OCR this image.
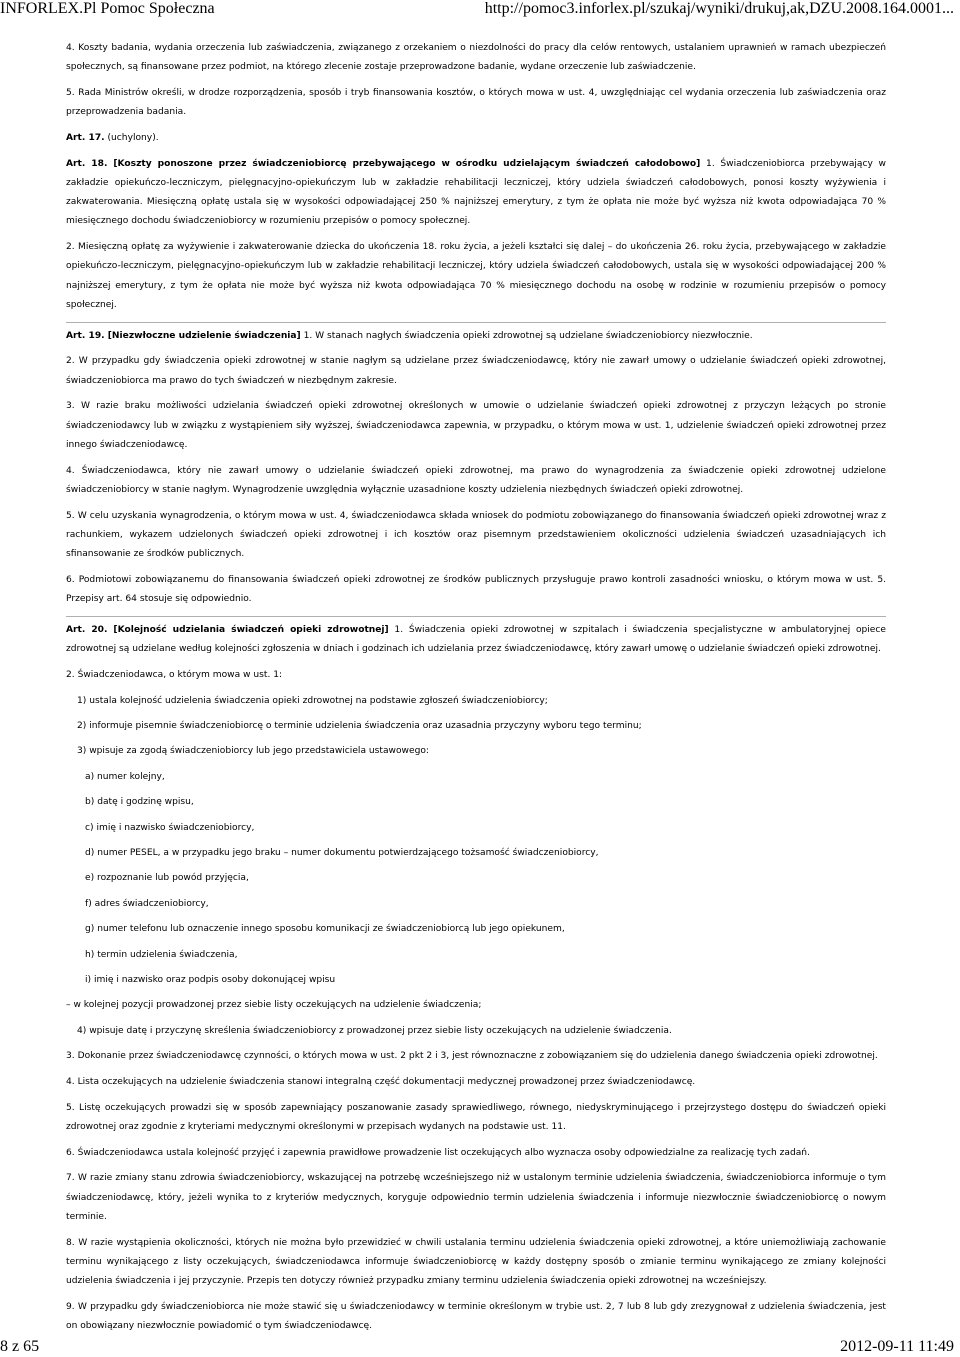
INFORLEX.Pl Pomoc Społeczna	http://pomoc3.inforlex.pl/szukaj/wyniki/drukuj,ak,DZU.2008.164.0001...

4. Koszty badania, wydania orzeczenia lub zaświadczenia, związanego z orzekaniem o niezdolności do pracy dla celów rentowych, ustalaniem uprawnień w ramach ubezpieczeń społecznych, są finansowane przez podmiot, na którego zlecenie zostaje przeprowadzone badanie, wydane orzeczenie lub zaświadczenie.

5. Rada Ministrów określi, w drodze rozporządzenia, sposób i tryb finansowania kosztów, o których mowa w ust. 4, uwzględniając cel wydania orzeczenia lub zaświadczenia oraz przeprowadzenia badania.

Art. 17. (uchylony).

Art. 18. [Koszty ponoszone przez świadczeniobiorcę przebywającego w ośrodku udzielającym świadczeń całodobowo] 1. Świadczeniobiorca przebywający w zakładzie opiekuńczo-leczniczym, pielęgnacyjno-opiekuńczym lub w zakładzie rehabilitacji leczniczej, który udziela świadczeń całodobowych, ponosi koszty wyżywienia i zakwaterowania. Miesięczną opłatę ustala się w wysokości odpowiadającej 250 % najniższej emerytury, z tym że opłata nie może być wyższa niż kwota odpowiadająca 70 % miesięcznego dochodu świadczeniobiorcy w rozumieniu przepisów o pomocy społecznej.

2. Miesięczną opłatę za wyżywienie i zakwaterowanie dziecka do ukończenia 18. roku życia, a jeżeli kształci się dalej – do ukończenia 26. roku życia, przebywającego w zakładzie opiekuńczo-leczniczym, pielęgnacyjno-opiekuńczym lub w zakładzie rehabilitacji leczniczej, który udziela świadczeń całodobowych, ustala się w wysokości odpowiadającej 200 % najniższej emerytury, z tym że opłata nie może być wyższa niż kwota odpowiadająca 70 % miesięcznego dochodu na osobę w rodzinie w rozumieniu przepisów o pomocy społecznej.

Art. 19. [Niezwłoczne udzielenie świadczenia] 1. W stanach nagłych świadczenia opieki zdrowotnej są udzielane świadczeniobiorcy niezwłocznie.

2. W przypadku gdy świadczenia opieki zdrowotnej w stanie nagłym są udzielane przez świadczeniodawcę, który nie zawarł umowy o udzielanie świadczeń opieki zdrowotnej, świadczeniobiorca ma prawo do tych świadczeń w niezbędnym zakresie.

3. W razie braku możliwości udzielania świadczeń opieki zdrowotnej określonych w umowie o udzielanie świadczeń opieki zdrowotnej z przyczyn leżących po stronie świadczeniodawcy lub w związku z wystąpieniem siły wyższej, świadczeniodawca zapewnia, w przypadku, o którym mowa w ust. 1, udzielenie świadczeń opieki zdrowotnej przez innego świadczeniodawcę.

4. Świadczeniodawca, który nie zawarł umowy o udzielanie świadczeń opieki zdrowotnej, ma prawo do wynagrodzenia za świadczenie opieki zdrowotnej udzielone świadczeniobiorcy w stanie nagłym. Wynagrodzenie uwzględnia wyłącznie uzasadnione koszty udzielenia niezbędnych świadczeń opieki zdrowotnej.

5. W celu uzyskania wynagrodzenia, o którym mowa w ust. 4, świadczeniodawca składa wniosek do podmiotu zobowiązanego do finansowania świadczeń opieki zdrowotnej wraz z rachunkiem, wykazem udzielonych świadczeń opieki zdrowotnej i ich kosztów oraz pisemnym przedstawieniem okoliczności udzielenia świadczeń uzasadniających ich sfinansowanie ze środków publicznych.

6. Podmiotowi zobowiązanemu do finansowania świadczeń opieki zdrowotnej ze środków publicznych przysługuje prawo kontroli zasadności wniosku, o którym mowa w ust. 5. Przepisy art. 64 stosuje się odpowiednio.

Art. 20. [Kolejność udzielania świadczeń opieki zdrowotnej] 1. Świadczenia opieki zdrowotnej w szpitalach i świadczenia specjalistyczne w ambulatoryjnej opiece zdrowotnej są udzielane według kolejności zgłoszenia w dniach i godzinach ich udzielania przez świadczeniodawcę, który zawarł umowę o udzielanie świadczeń opieki zdrowotnej.

2. Świadczeniodawca, o którym mowa w ust. 1:

1) ustala kolejność udzielenia świadczenia opieki zdrowotnej na podstawie zgłoszeń świadczeniobiorcy;

2) informuje pisemnie świadczeniobiorcę o terminie udzielenia świadczenia oraz uzasadnia przyczyny wyboru tego terminu;

3) wpisuje za zgodą świadczeniobiorcy lub jego przedstawiciela ustawowego:

a) numer kolejny,

b) datę i godzinę wpisu,

c) imię i nazwisko świadczeniobiorcy,

d) numer PESEL, a w przypadku jego braku – numer dokumentu potwierdzającego tożsamość świadczeniobiorcy,

e) rozpoznanie lub powód przyjęcia,

f) adres świadczeniobiorcy,

g) numer telefonu lub oznaczenie innego sposobu komunikacji ze świadczeniobiorcą lub jego opiekunem,

h) termin udzielenia świadczenia,

i) imię i nazwisko oraz podpis osoby dokonującej wpisu

– w kolejnej pozycji prowadzonej przez siebie listy oczekujących na udzielenie świadczenia;

4) wpisuje datę i przyczynę skreślenia świadczeniobiorcy z prowadzonej przez siebie listy oczekujących na udzielenie świadczenia.

3. Dokonanie przez świadczeniodawcę czynności, o których mowa w ust. 2 pkt 2 i 3, jest równoznaczne z zobowiązaniem się do udzielenia danego świadczenia opieki zdrowotnej.

4. Lista oczekujących na udzielenie świadczenia stanowi integralną część dokumentacji medycznej prowadzonej przez świadczeniodawcę.

5. Listę oczekujących prowadzi się w sposób zapewniający poszanowanie zasady sprawiedliwego, równego, niedyskryminującego i przejrzystego dostępu do świadczeń opieki zdrowotnej oraz zgodnie z kryteriami medycznymi określonymi w przepisach wydanych na podstawie ust. 11.

6. Świadczeniodawca ustala kolejność przyjęć i zapewnia prawidłowe prowadzenie list oczekujących albo wyznacza osoby odpowiedzialne za realizację tych zadań.

7. W razie zmiany stanu zdrowia świadczeniobiorcy, wskazującej na potrzebę wcześniejszego niż w ustalonym terminie udzielenia świadczenia, świadczeniobiorca informuje o tym świadczeniodawcę, który, jeżeli wynika to z kryteriów medycznych, koryguje odpowiednio termin udzielenia świadczenia i informuje niezwłocznie świadczeniobiorcę o nowym terminie.

8. W razie wystąpienia okoliczności, których nie można było przewidzieć w chwili ustalania terminu udzielenia świadczenia opieki zdrowotnej, a które uniemożliwiają zachowanie terminu wynikającego z listy oczekujących, świadczeniodawca informuje świadczeniobiorcę w każdy dostępny sposób o zmianie terminu wynikającego ze zmiany kolejności udzielenia świadczenia i jej przyczynie. Przepis ten dotyczy również przypadku zmiany terminu udzielenia świadczenia opieki zdrowotnej na wcześniejszy.

9. W przypadku gdy świadczeniobiorca nie może stawić się u świadczeniodawcy w terminie określonym w trybie ust. 2, 7 lub 8 lub gdy zrezygnował z udzielenia świadczenia, jest on obowiązany niezwłocznie powiadomić o tym świadczeniodawcę.

8 z 65	2012-09-11 11:49
